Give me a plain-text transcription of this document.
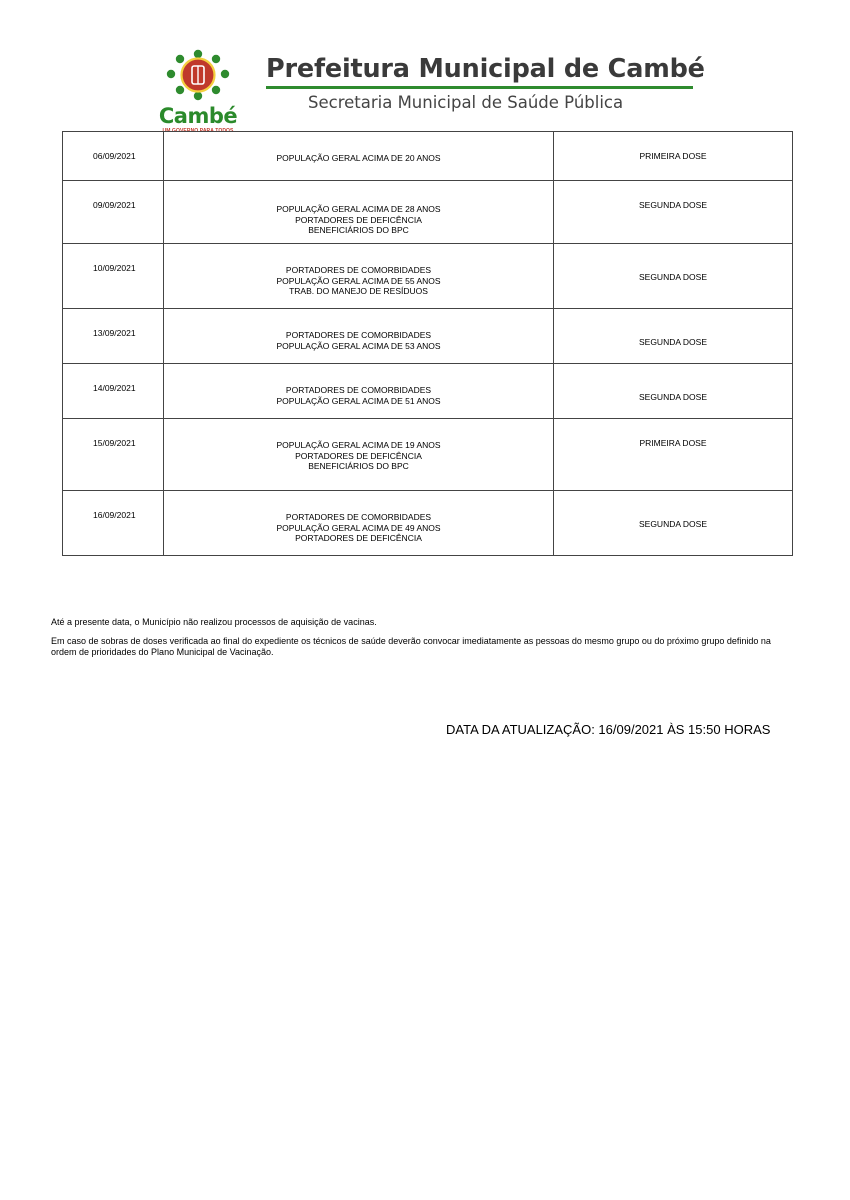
Cambé
UM GOVERNO PARA TODOS
Prefeitura Municipal de Cambé
Secretaria Municipal de Saúde Pública
06/09/2021	POPULAÇÃO GERAL ACIMA DE 20 ANOS	PRIMEIRA DOSE
09/09/2021	POPULAÇÃO GERAL ACIMA DE 28 ANOS
PORTADORES DE DEFICÊNCIA
BENEFICIÁRIOS DO BPC	SEGUNDA DOSE
10/09/2021	PORTADORES DE COMORBIDADES
POPULAÇÃO GERAL ACIMA DE 55 ANOS
TRAB. DO MANEJO DE RESÍDUOS	SEGUNDA DOSE
13/09/2021	PORTADORES DE COMORBIDADES
POPULAÇÃO GERAL ACIMA DE 53 ANOS	SEGUNDA DOSE
14/09/2021	PORTADORES DE COMORBIDADES
POPULAÇÃO GERAL ACIMA DE 51 ANOS	SEGUNDA DOSE
15/09/2021	POPULAÇÃO GERAL ACIMA DE 19 ANOS
PORTADORES DE DEFICÊNCIA
BENEFICIÁRIOS DO BPC	PRIMEIRA DOSE
16/09/2021	PORTADORES DE COMORBIDADES
POPULAÇÃO GERAL ACIMA DE 49 ANOS
PORTADORES DE DEFICÊNCIA	SEGUNDA DOSE
Até a presente data, o Município não realizou processos de aquisição de vacinas.
Em caso de sobras de doses verificada ao final do expediente os técnicos de saúde deverão convocar imediatamente as pessoas do mesmo grupo ou do próximo grupo definido na ordem de prioridades do Plano Municipal de Vacinação.
DATA DA ATUALIZAÇÃO: 16/09/2021 ÀS 15:50 HORAS
